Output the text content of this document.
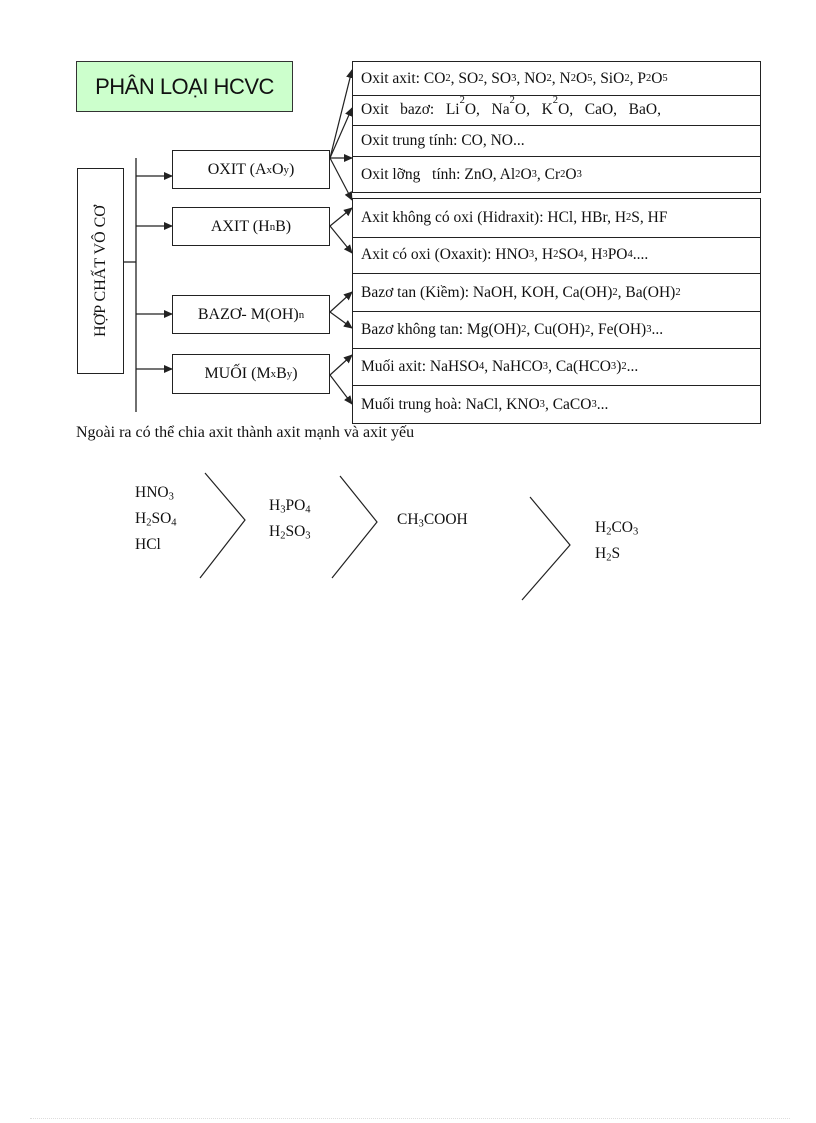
PHÂN LOẠI HCVC
HỢP CHẤT VÔ CƠ
OXIT (A x O y )
AXIT (H n B)
BAZƠ- M(OH) n
MUỐI (M x B y )
Oxit axit: CO 2 , SO 2 , SO 3 , NO 2 , N 2 O 5 , SiO 2 , P 2 O 5
Oxit   bazơ:   Li
2
O,   Na
2
O,   K
2
O,   CaO,   BaO,
Oxit trung tính: CO, NO...
Oxit lỡng   tính: ZnO, Al 2 O 3 , Cr 2 O 3
Axit không có oxi (Hidraxit): HCl, HBr, H 2 S, HF
Axit có oxi (Oxaxit): HNO 3 , H 2 SO 4 , H 3 PO 4 ....
Bazơ tan (Kiềm): NaOH, KOH, Ca(OH) 2 , Ba(OH) 2
Bazơ không tan: Mg(OH) 2 , Cu(OH) 2 , Fe(OH) 3 ...
Muối axit: NaHSO 4 , NaHCO 3 , Ca(HCO 3 ) 2 ...
Muối trung hoà: NaCl, KNO 3 , CaCO 3 ...
Ngoài ra có thể chia axit thành axit mạnh và axit yếu
$HNO_3$
$H_2SO_4$
HCl
$H_3PO_4$
$H_2SO_3$
$CH_3COOH$	$H_2CO_3$
$H_2S$
